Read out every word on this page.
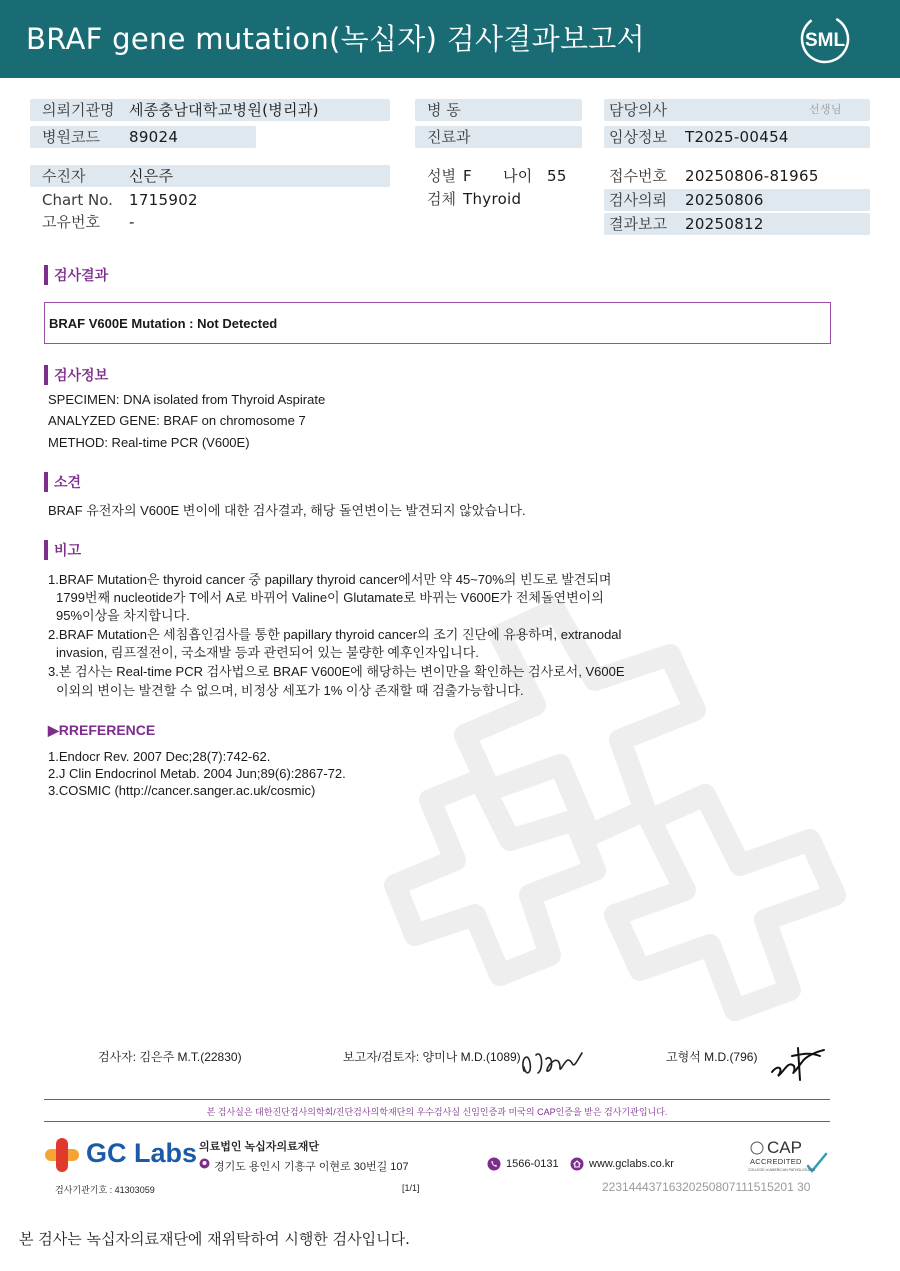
BRAF gene mutation(녹십자) 검사결과보고서	SML
의뢰기관명 세종충남대학교병원(병리과)
병원코드 89024
병 동
진료과
담당의사	선생님
임상정보 T2025-00454
수진자	신은주
Chart No. 1715902
고유번호 -
성별 F 나이 55
검체 Thyroid
접수번호 20250806-81965
검사의뢰 20250806
결과보고 20250812
검사결과
BRAF V600E Mutation : Not Detected
검사정보
SPECIMEN: DNA isolated from Thyroid Aspirate
ANALYZED GENE: BRAF on chromosome 7
METHOD: Real-time PCR (V600E)
소견
BRAF 유전자의 V600E 변이에 대한 검사결과, 해당 돌연변이는 발견되지 않았습니다.
비고
1.BRAF Mutation은 thyroid cancer 중 papillary thyroid cancer에서만 약 45~70%의 빈도로 발견되며
1799번째 nucleotide가 T에서 A로 바뀌어 Valine이 Glutamate로 바뀌는 V600E가 전체돌연변이의
95%이상을 차지합니다.
2.BRAF Mutation은 세침흡인검사를 통한 papillary thyroid cancer의 조기 진단에 유용하며, extranodal
invasion, 림프절전이, 국소재발 등과 관련되어 있는 불량한 예후인자입니다.
3.본 검사는 Real-time PCR 검사법으로 BRAF V600E에 해당하는 변이만을 확인하는 검사로서, V600E
이외의 변이는 발견할 수 없으며, 비정상 세포가 1% 이상 존재할 때 검출가능합니다.
▶RREFERENCE
1.Endocr Rev. 2007 Dec;28(7):742-62.
2.J Clin Endocrinol Metab. 2004 Jun;89(6):2867-72.
3.COSMIC (http://cancer.sanger.ac.uk/cosmic)
검사자: 김은주 M.T.(22830)	보고자/검토자: 양미나 M.D.(1089)	고형석 M.D.(796)
본 검사실은 대한진단검사의학회/진단검사의학재단의 우수검사실 신임인증과 미국의 CAP인증을 받은 검사기관입니다.
GC Labs 의료법인 녹십자의료재단
경기도 용인시 기흥구 이현로 30번길 107	1566-0131	www.gclabs.co.kr
CAP
ACCREDITED
COLLEGE of AMERICAN PATHOLOGISTS
검사기관기호 : 41303059	[1/1]	22314443716320250807111515201 30
본 검사는 녹십자의료재단에 재위탁하여 시행한 검사입니다.
